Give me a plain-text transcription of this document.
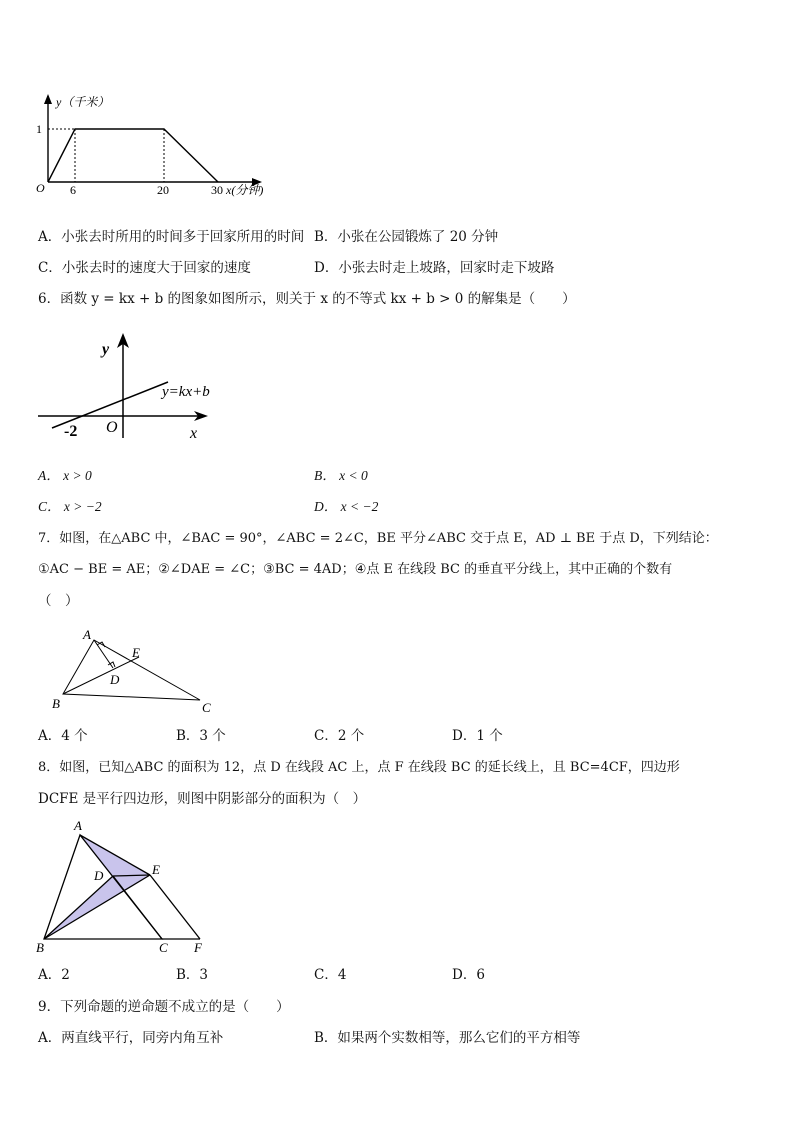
y（千米）
1
O 6	20	30 x(分钟)
A．小张去时所用的时间多于回家所用的时间 B．小张在公园锻炼了 20 分钟
C．小张去时的速度大于回家的速度	D．小张去时走上坡路，回家时走下坡路
6．函数 y = kx + b 的图象如图所示，则关于 x 的不等式 kx + b > 0 的解集是（　　）
y
y=kx+b
-2 O	x
A． x > 0	B． x < 0
C． x > −2	D． x < −2
7．如图，在△ABC 中，∠BAC = 90°，∠ABC = 2∠C，BE 平分∠ABC 交于点 E，AD ⊥ BE 于点 D，下列结论：
①AC − BE = AE；②∠DAE = ∠C；③BC = 4AD；④点 E 在线段 BC 的垂直平分线上，其中正确的个数有
（　）
A
E
D
B	C
A．4 个	B．3 个	C．2 个	D．1 个
8．如图，已知△ABC 的面积为 12，点 D 在线段 AC 上，点 F 在线段 BC 的延长线上，且 BC=4CF，四边形
DCFE 是平行四边形，则图中阴影部分的面积为（　）
A
E
D
B	C F
A．2	B．3	C．4	D．6
9．下列命题的逆命题不成立的是（　　）
A．两直线平行，同旁内角互补	B．如果两个实数相等，那么它们的平方相等
